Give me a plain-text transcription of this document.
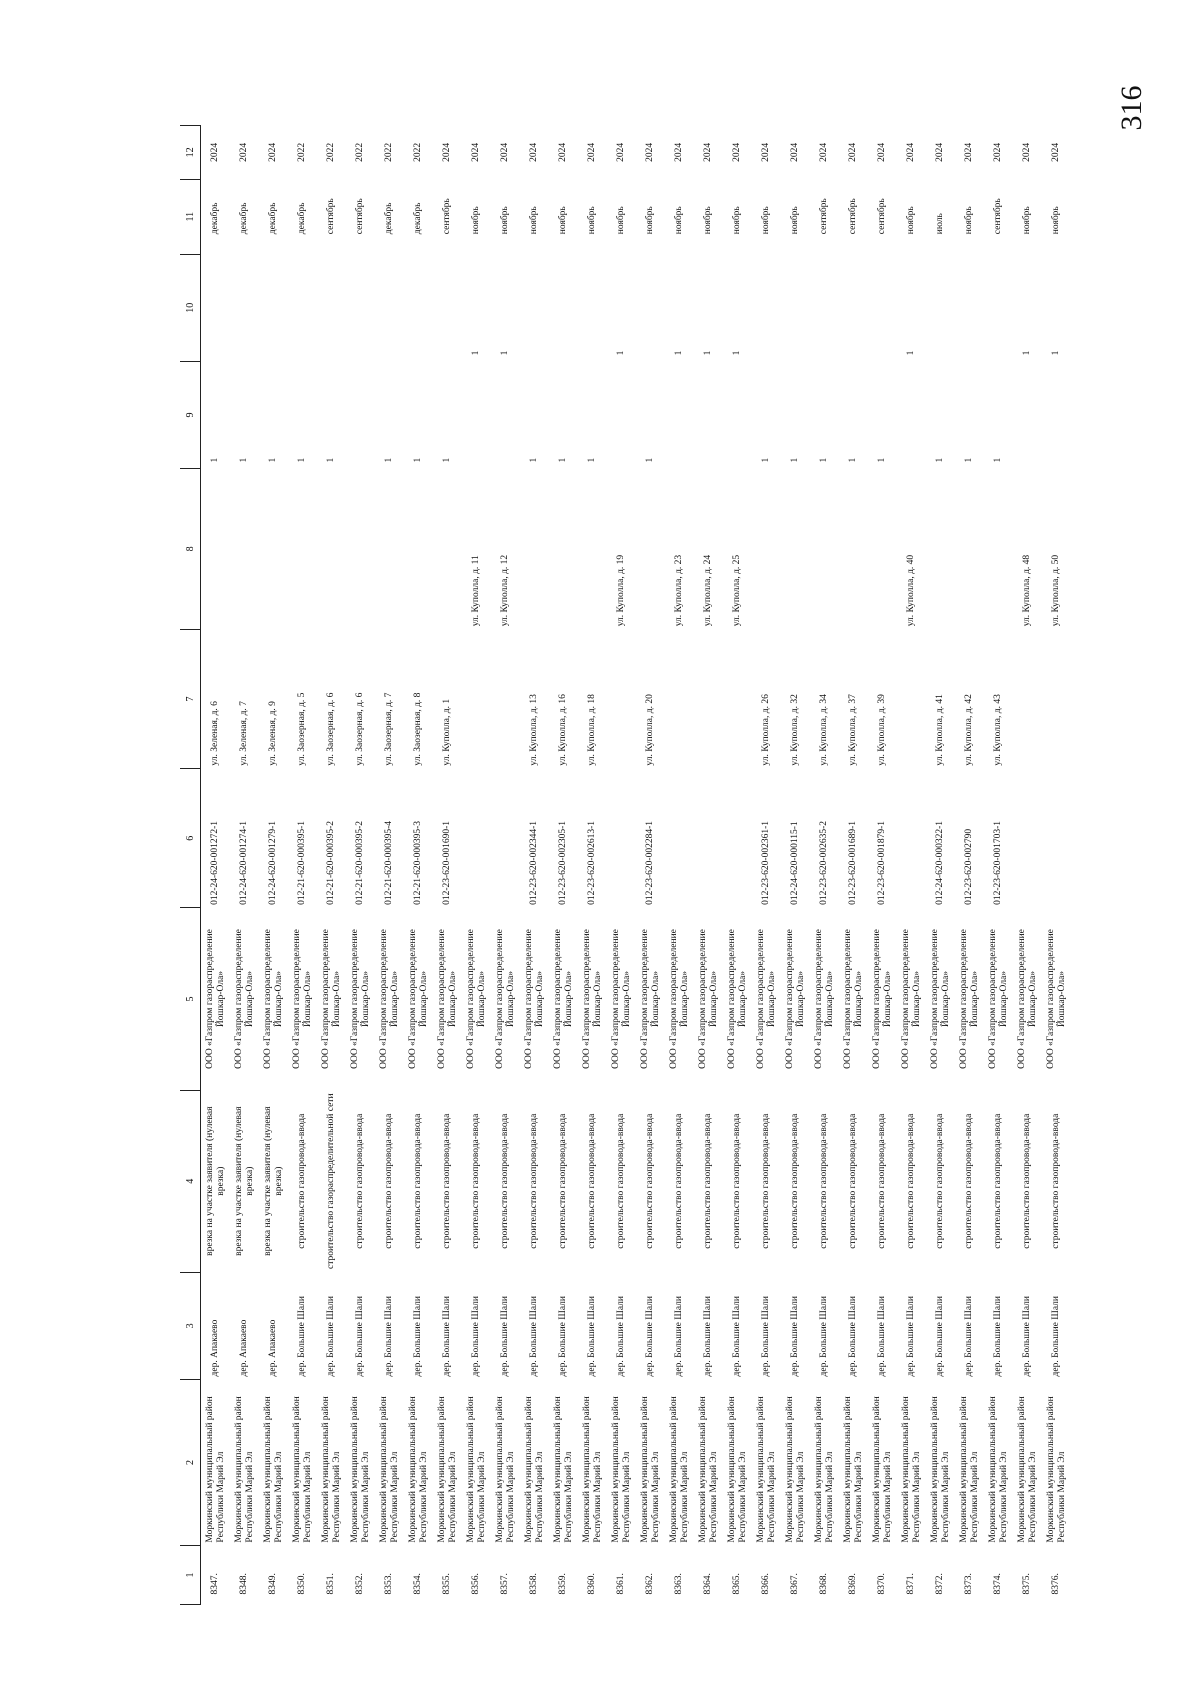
316
1	2	3	4	5	6	7	8	9	10	11	12
8347.	Моркинский муниципальный район Республики Марий Эл	дер. Апакаево	врезка на участке заявителя (нулевая врезка)	ООО «Газпром газораспределение Йошкар-Ола»	012-24-620-001272-1	ул. Зеленая, д. 6		1		декабрь	2024
8348.	Моркинский муниципальный район Республики Марий Эл	дер. Апакаево	врезка на участке заявителя (нулевая врезка)	ООО «Газпром газораспределение Йошкар-Ола»	012-24-620-001274-1	ул. Зеленая, д. 7		1		декабрь	2024
8349.	Моркинский муниципальный район Республики Марий Эл	дер. Апакаево	врезка на участке заявителя (нулевая врезка)	ООО «Газпром газораспределение Йошкар-Ола»	012-24-620-001279-1	ул. Зеленая, д. 9		1		декабрь	2024
8350.	Моркинский муниципальный район Республики Марий Эл	дер. Большие Шали	строительство газопровода-ввода	ООО «Газпром газораспределение Йошкар-Ола»	012-21-620-000395-1	ул. Заозерная, д. 5		1		декабрь	2022
8351.	Моркинский муниципальный район Республики Марий Эл	дер. Большие Шали	строительство газораспределительной сети	ООО «Газпром газораспределение Йошкар-Ола»	012-21-620-000395-2	ул. Заозерная, д. 6		1		сентябрь	2022
8352.	Моркинский муниципальный район Республики Марий Эл	дер. Большие Шали	строительство газопровода-ввода	ООО «Газпром газораспределение Йошкар-Ола»	012-21-620-000395-2	ул. Заозерная, д. 6				сентябрь	2022
8353.	Моркинский муниципальный район Республики Марий Эл	дер. Большие Шали	строительство газопровода-ввода	ООО «Газпром газораспределение Йошкар-Ола»	012-21-620-000395-4	ул. Заозерная, д. 7		1		декабрь	2022
8354.	Моркинский муниципальный район Республики Марий Эл	дер. Большие Шали	строительство газопровода-ввода	ООО «Газпром газораспределение Йошкар-Ола»	012-21-620-000395-3	ул. Заозерная, д. 8		1		декабрь	2022
8355.	Моркинский муниципальный район Республики Марий Эл	дер. Большие Шали	строительство газопровода-ввода	ООО «Газпром газораспределение Йошкар-Ола»	012-23-620-001690-1	ул. Куполла, д. 1		1		сентябрь	2024
8356.	Моркинский муниципальный район Республики Марий Эл	дер. Большие Шали	строительство газопровода-ввода	ООО «Газпром газораспределение Йошкар-Ола»			ул. Куполла, д. 11		1	ноябрь	2024
8357.	Моркинский муниципальный район Республики Марий Эл	дер. Большие Шали	строительство газопровода-ввода	ООО «Газпром газораспределение Йошкар-Ола»			ул. Куполла, д. 12		1	ноябрь	2024
8358.	Моркинский муниципальный район Республики Марий Эл	дер. Большие Шали	строительство газопровода-ввода	ООО «Газпром газораспределение Йошкар-Ола»	012-23-620-002344-1	ул. Куполла, д. 13		1		ноябрь	2024
8359.	Моркинский муниципальный район Республики Марий Эл	дер. Большие Шали	строительство газопровода-ввода	ООО «Газпром газораспределение Йошкар-Ола»	012-23-620-002305-1	ул. Куполла, д. 16		1		ноябрь	2024
8360.	Моркинский муниципальный район Республики Марий Эл	дер. Большие Шали	строительство газопровода-ввода	ООО «Газпром газораспределение Йошкар-Ола»	012-23-620-002613-1	ул. Куполла, д. 18		1		ноябрь	2024
8361.	Моркинский муниципальный район Республики Марий Эл	дер. Большие Шали	строительство газопровода-ввода	ООО «Газпром газораспределение Йошкар-Ола»			ул. Куполла, д. 19		1	ноябрь	2024
8362.	Моркинский муниципальный район Республики Марий Эл	дер. Большие Шали	строительство газопровода-ввода	ООО «Газпром газораспределение Йошкар-Ола»	012-23-620-002284-1	ул. Куполла, д. 20		1		ноябрь	2024
8363.	Моркинский муниципальный район Республики Марий Эл	дер. Большие Шали	строительство газопровода-ввода	ООО «Газпром газораспределение Йошкар-Ола»			ул. Куполла, д. 23		1	ноябрь	2024
8364.	Моркинский муниципальный район Республики Марий Эл	дер. Большие Шали	строительство газопровода-ввода	ООО «Газпром газораспределение Йошкар-Ола»			ул. Куполла, д. 24		1	ноябрь	2024
8365.	Моркинский муниципальный район Республики Марий Эл	дер. Большие Шали	строительство газопровода-ввода	ООО «Газпром газораспределение Йошкар-Ола»			ул. Куполла, д. 25		1	ноябрь	2024
8366.	Моркинский муниципальный район Республики Марий Эл	дер. Большие Шали	строительство газопровода-ввода	ООО «Газпром газораспределение Йошкар-Ола»	012-23-620-002361-1	ул. Куполла, д. 26		1		ноябрь	2024
8367.	Моркинский муниципальный район Республики Марий Эл	дер. Большие Шали	строительство газопровода-ввода	ООО «Газпром газораспределение Йошкар-Ола»	012-24-620-000115-1	ул. Куполла, д. 32		1		ноябрь	2024
8368.	Моркинский муниципальный район Республики Марий Эл	дер. Большие Шали	строительство газопровода-ввода	ООО «Газпром газораспределение Йошкар-Ола»	012-23-620-002635-2	ул. Куполла, д. 34		1		сентябрь	2024
8369.	Моркинский муниципальный район Республики Марий Эл	дер. Большие Шали	строительство газопровода-ввода	ООО «Газпром газораспределение Йошкар-Ола»	012-23-620-001689-1	ул. Куполла, д. 37		1		сентябрь	2024
8370.	Моркинский муниципальный район Республики Марий Эл	дер. Большие Шали	строительство газопровода-ввода	ООО «Газпром газораспределение Йошкар-Ола»	012-23-620-001879-1	ул. Куполла, д. 39		1		сентябрь	2024
8371.	Моркинский муниципальный район Республики Марий Эл	дер. Большие Шали	строительство газопровода-ввода	ООО «Газпром газораспределение Йошкар-Ола»			ул. Куполла, д. 40		1	ноябрь	2024
8372.	Моркинский муниципальный район Республики Марий Эл	дер. Большие Шали	строительство газопровода-ввода	ООО «Газпром газораспределение Йошкар-Ола»	012-24-620-000322-1	ул. Куполла, д. 41		1		июль	2024
8373.	Моркинский муниципальный район Республики Марий Эл	дер. Большие Шали	строительство газопровода-ввода	ООО «Газпром газораспределение Йошкар-Ола»	012-23-620-002790	ул. Куполла, д. 42		1		ноябрь	2024
8374.	Моркинский муниципальный район Республики Марий Эл	дер. Большие Шали	строительство газопровода-ввода	ООО «Газпром газораспределение Йошкар-Ола»	012-23-620-001703-1	ул. Куполла, д. 43		1		сентябрь	2024
8375.	Моркинский муниципальный район Республики Марий Эл	дер. Большие Шали	строительство газопровода-ввода	ООО «Газпром газораспределение Йошкар-Ола»			ул. Куполла, д. 48		1	ноябрь	2024
8376.	Моркинский муниципальный район Республики Марий Эл	дер. Большие Шали	строительство газопровода-ввода	ООО «Газпром газораспределение Йошкар-Ола»			ул. Куполла, д. 50		1	ноябрь	2024
